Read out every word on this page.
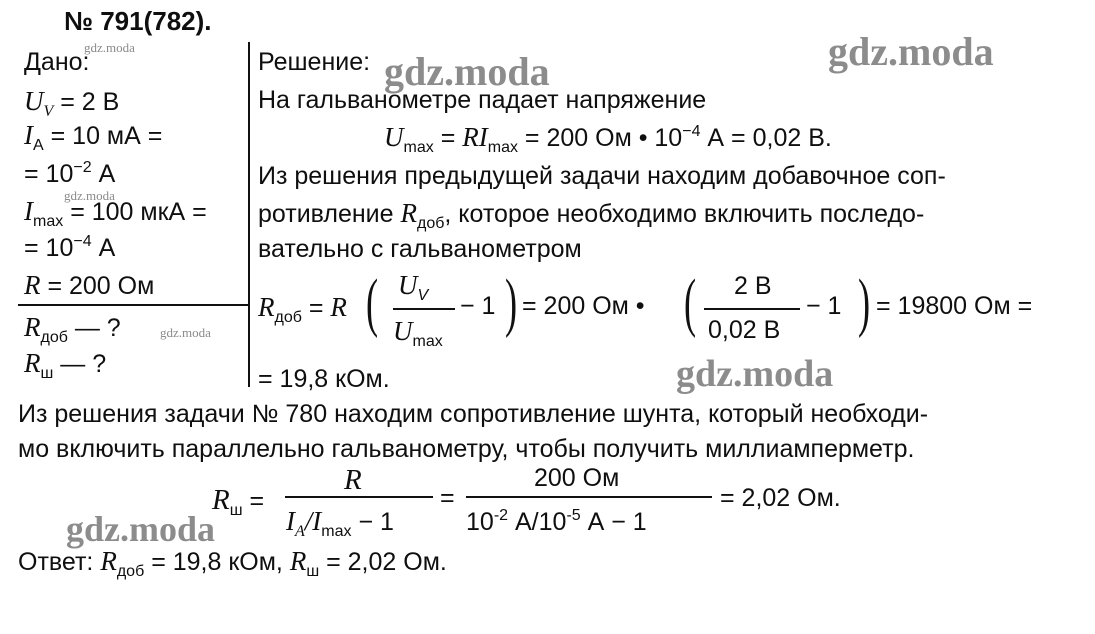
gdz.moda	gdz.moda
gdz.moda
gdz.moda
gdz.moda
gdz.moda
gdz.moda
№ 791(782).
Дано:
$U_V = 2$ В
$I_А = 10$ мА =
= $10^{-2}$ А
$I_{max} = 100$ мкА =
= $10^{-4}$ А
R = 200 Ом
$R_{доб}$ — ?
$R_ш$ — ?
Решение:
На гальванометре падает напряжение
$U_{max} = RI_{max} = 200$ Ом • $10^{-4}$ А = 0,02 В.
Из решения предыдущей задачи находим добавочное соп-
ротивление $R_{доб}$, которое необходимо включить последо-
вательно с гальванометром
$R_{доб} = R$ ( $U_V$
$U_{max}$
− 1 ) = 200 Ом • ( 2 В
0,02 В
− 1 ) = 19800 Ом =
= 19,8 кОм.
Из решения задачи № 780 находим сопротивление шунта, который необходи-
мо включить параллельно гальванометру, чтобы получить миллиамперметр.
$R_ш$ =
R
$I_A/I_{max} - 1$
=
200 Ом
$10^{-2}$ $А/10^{-5}$ А − 1
= 2,02 Ом.
Ответ: $R_{доб} = 19,8$ кОм, $R_ш = 2,02$ Ом.
